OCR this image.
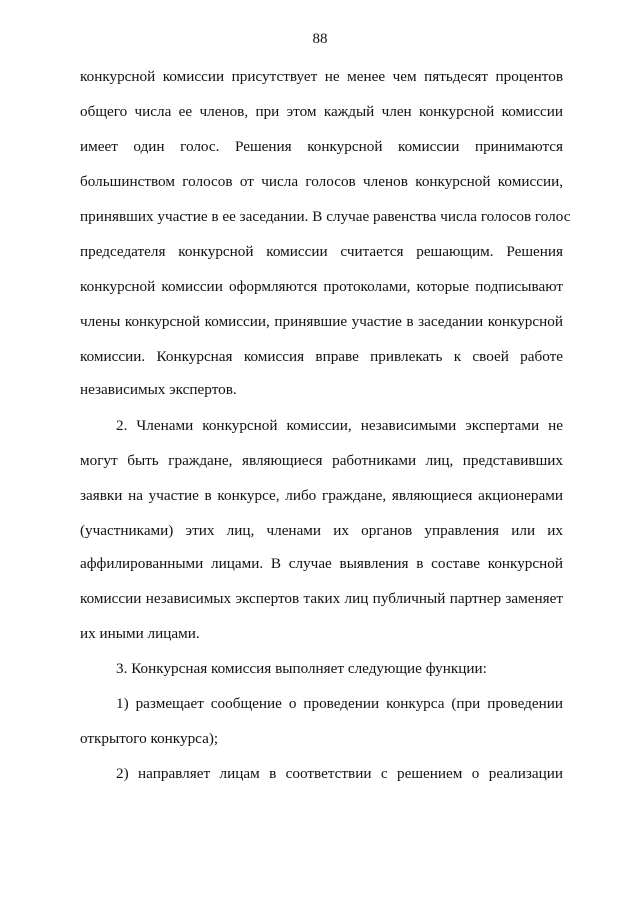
88
конкурсной комиссии присутствует не менее чем пятьдесят процентов
общего числа ее членов, при этом каждый член конкурсной комиссии
имеет один голос. Решения конкурсной комиссии принимаются
большинством голосов от числа голосов членов конкурсной комиссии,
принявших участие в ее заседании. В случае равенства числа голосов голос
председателя конкурсной комиссии считается решающим. Решения
конкурсной комиссии оформляются протоколами, которые подписывают
члены конкурсной комиссии, принявшие участие в заседании конкурсной
комиссии. Конкурсная комиссия вправе привлекать к своей работе
независимых экспертов.
2. Членами конкурсной комиссии, независимыми экспертами не
могут быть граждане, являющиеся работниками лиц, представивших
заявки на участие в конкурсе, либо граждане, являющиеся акционерами
(участниками) этих лиц, членами их органов управления или их
аффилированными лицами. В случае выявления в составе конкурсной
комиссии независимых экспертов таких лиц публичный партнер заменяет
их иными лицами.
3. Конкурсная комиссия выполняет следующие функции:
1) размещает сообщение о проведении конкурса (при проведении
открытого конкурса);
2) направляет лицам в соответствии с решением о реализации
